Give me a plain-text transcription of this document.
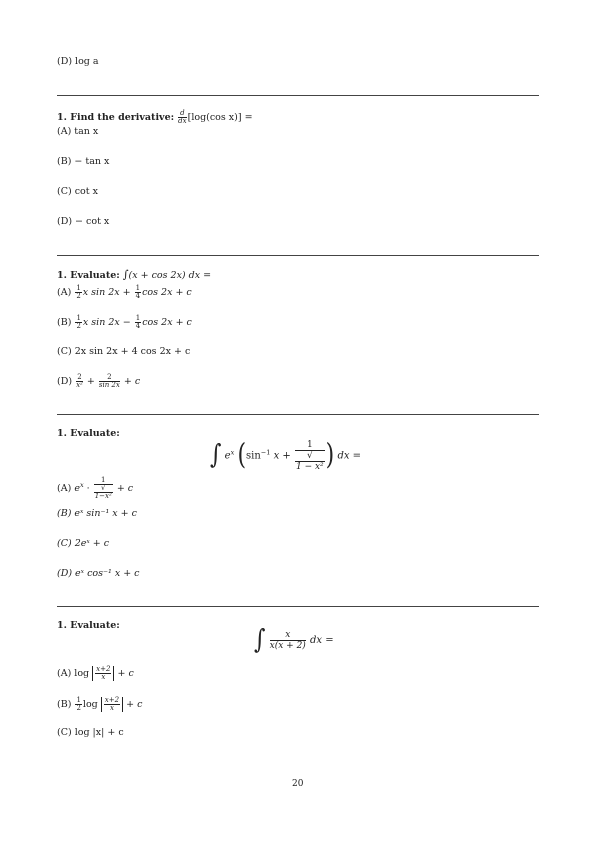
(D) log a
1. Find the derivative: $\frac{d}{dx} [\log(\cos$ x)] =
(A) tan x
(B) − tan x
(C) cot x
(D) − cot x
1. Evaluate: ∫(x + cos 2x) dx =
$(A) \frac{1}{2}$ x $\sin 2x + \frac{1}{4}$ cos 2x + c
$(B) \frac{1}{2}$ x $\sin 2x - \frac{1}{4}$ cos 2x + c
(C) 2x sin 2x + 4 cos 2x + c
$(D) \frac{2}{\text{x²}} + \frac{2}{\sin 2x} + c$
1. Evaluate:
∫ $e^x$ ($\sin^{-1}$ x + 1
√
1 − x² ) dx =
(A) $e^x \cdot 1$
√
1−x² + c
(B) eˣ sin⁻¹ x + c
(C) 2eˣ + c
(D) eˣ cos⁻¹ x + c
1. Evaluate:	∫ $\frac{x}{x(x + 2)}$ dx =
(A) $\log \frac{x+2}{x} + c$
$(B) \frac{1}{2}$ $\log \frac{x+2}{x} + c$
(C) log |x| + c
20
